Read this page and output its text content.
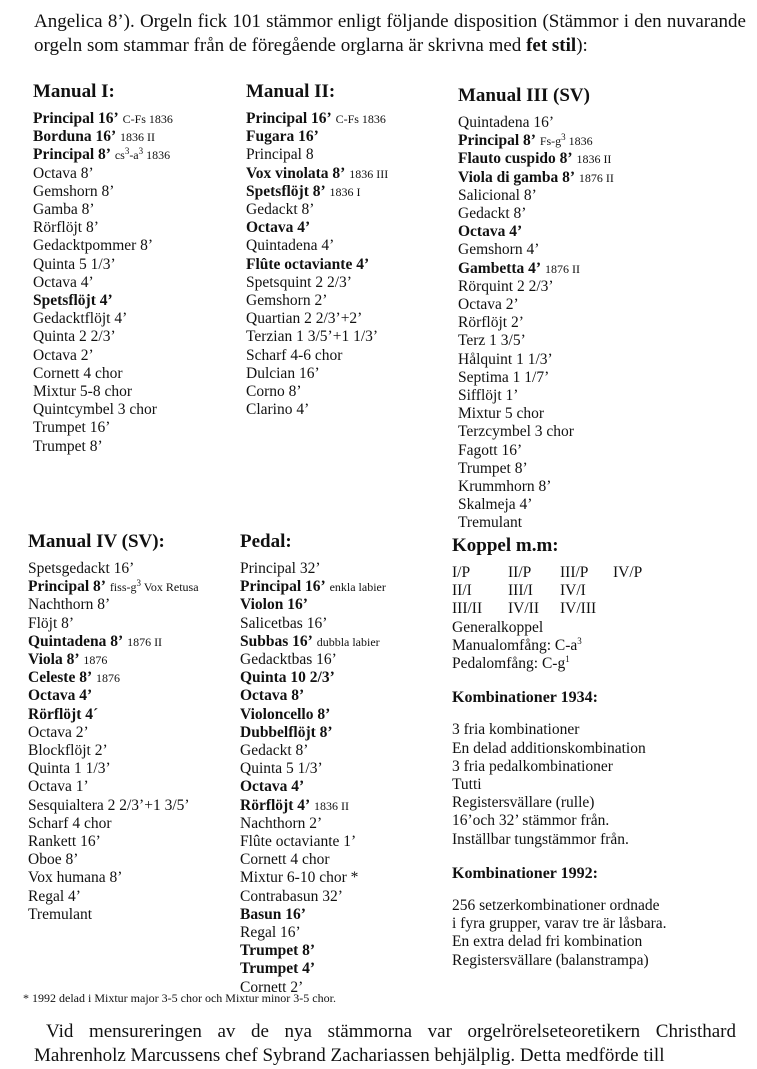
Angelica 8’). Orgeln fick 101 stämmor enligt följande disposition (Stämmor i den nuvarande orgeln som stammar från de föregående orglarna är skrivna med fet stil):
Manual I:
Principal 16’ C-Fs 1836
Borduna 16’ 1836 II
Principal 8’ $cs^3-a^3$ 1836
Octava 8’
Gemshorn 8’
Gamba 8’
Rörflöjt 8’
Gedacktpommer 8’
Quinta 5 1/3’
Octava 4’
Spetsflöjt 4’
Gedacktflöjt 4’
Quinta 2 2/3’
Octava 2’
Cornett 4 chor
Mixtur 5-8 chor
Quintcymbel 3 chor
Trumpet 16’
Trumpet 8’
Manual II:
Principal 16’ C-Fs 1836
Fugara 16’
Principal 8
Vox vinolata 8’ 1836 III
Spetsflöjt 8’ 1836 I
Gedackt 8’
Octava 4’
Quintadena 4’
Flûte octaviante 4’
Spetsquint 2 2/3’
Gemshorn 2’
Quartian 2 2/3’+2’
Terzian 1 3/5’+1 1/3’
Scharf 4-6 chor
Dulcian 16’
Corno 8’
Clarino 4’
Manual III (SV)
Quintadena 16’
Principal 8’ $Fs-g^3$ 1836
Flauto cuspido 8’ 1836 II
Viola di gamba 8’ 1876 II
Salicional 8’
Gedackt 8’
Octava 4’
Gemshorn 4’
Gambetta 4’ 1876 II
Rörquint 2 2/3’
Octava 2’
Rörflöjt 2’
Terz 1 3/5’
Hålquint 1 1/3’
Septima 1 1/7’
Sifflöjt 1’
Mixtur 5 chor
Terzcymbel 3 chor
Fagott 16’
Trumpet 8’
Krummhorn 8’
Skalmeja 4’
Tremulant
Manual IV (SV):
Spetsgedackt 16’
Principal 8’ fiss-$g^3$ Vox Retusa
Nachthorn 8’
Flöjt 8’
Quintadena 8’ 1876 II
Viola 8’ 1876
Celeste 8’ 1876
Octava 4’
Rörflöjt 4´
Octava 2’
Blockflöjt 2’
Quinta 1 1/3’
Octava 1’
Sesquialtera 2 2/3’+1 3/5’
Scharf 4 chor
Rankett 16’
Oboe 8’
Vox humana 8’
Regal 4’
Tremulant
Pedal:
Principal 32’
Principal 16’ enkla labier
Violon 16’
Salicetbas 16’
Subbas 16’ dubbla labier
Gedacktbas 16’
Quinta 10 2/3’
Octava 8’
Violoncello 8’
Dubbelflöjt 8’
Gedackt 8’
Quinta 5 1/3’
Octava 4’
Rörflöjt 4’ 1836 II
Nachthorn 2’
Flûte octaviante 1’
Cornett 4 chor
Mixtur 6-10 chor *
Contrabasun 32’
Basun 16’
Regal 16’
Trumpet 8’
Trumpet 4’
Cornett 2’
Koppel m.m:
I/P	II/P	III/P	IV/P
II/I	III/I	IV/I
III/II	IV/II	IV/III
Generalkoppel
Manualomfång: $C-a^3$
Pedalomfång: $C-g^1$
Kombinationer 1934:
3 fria kombinationer
En delad additionskombination
3 fria pedalkombinationer
Tutti
Registersvällare (rulle)
16’och 32’ stämmor från.
Inställbar tungstämmor från.
Kombinationer 1992:
256 setzerkombinationer ordnade
i fyra grupper, varav tre är låsbara.
En extra delad fri kombination
Registersvällare (balanstrampa)
* 1992 delad i Mixtur major 3-5 chor och Mixtur minor 3-5 chor.
Vid mensureringen av de nya stämmorna var orgelrörelseteoretikern Christhard Mahrenholz Marcussens chef Sybrand Zachariassen behjälplig. Detta medförde till
